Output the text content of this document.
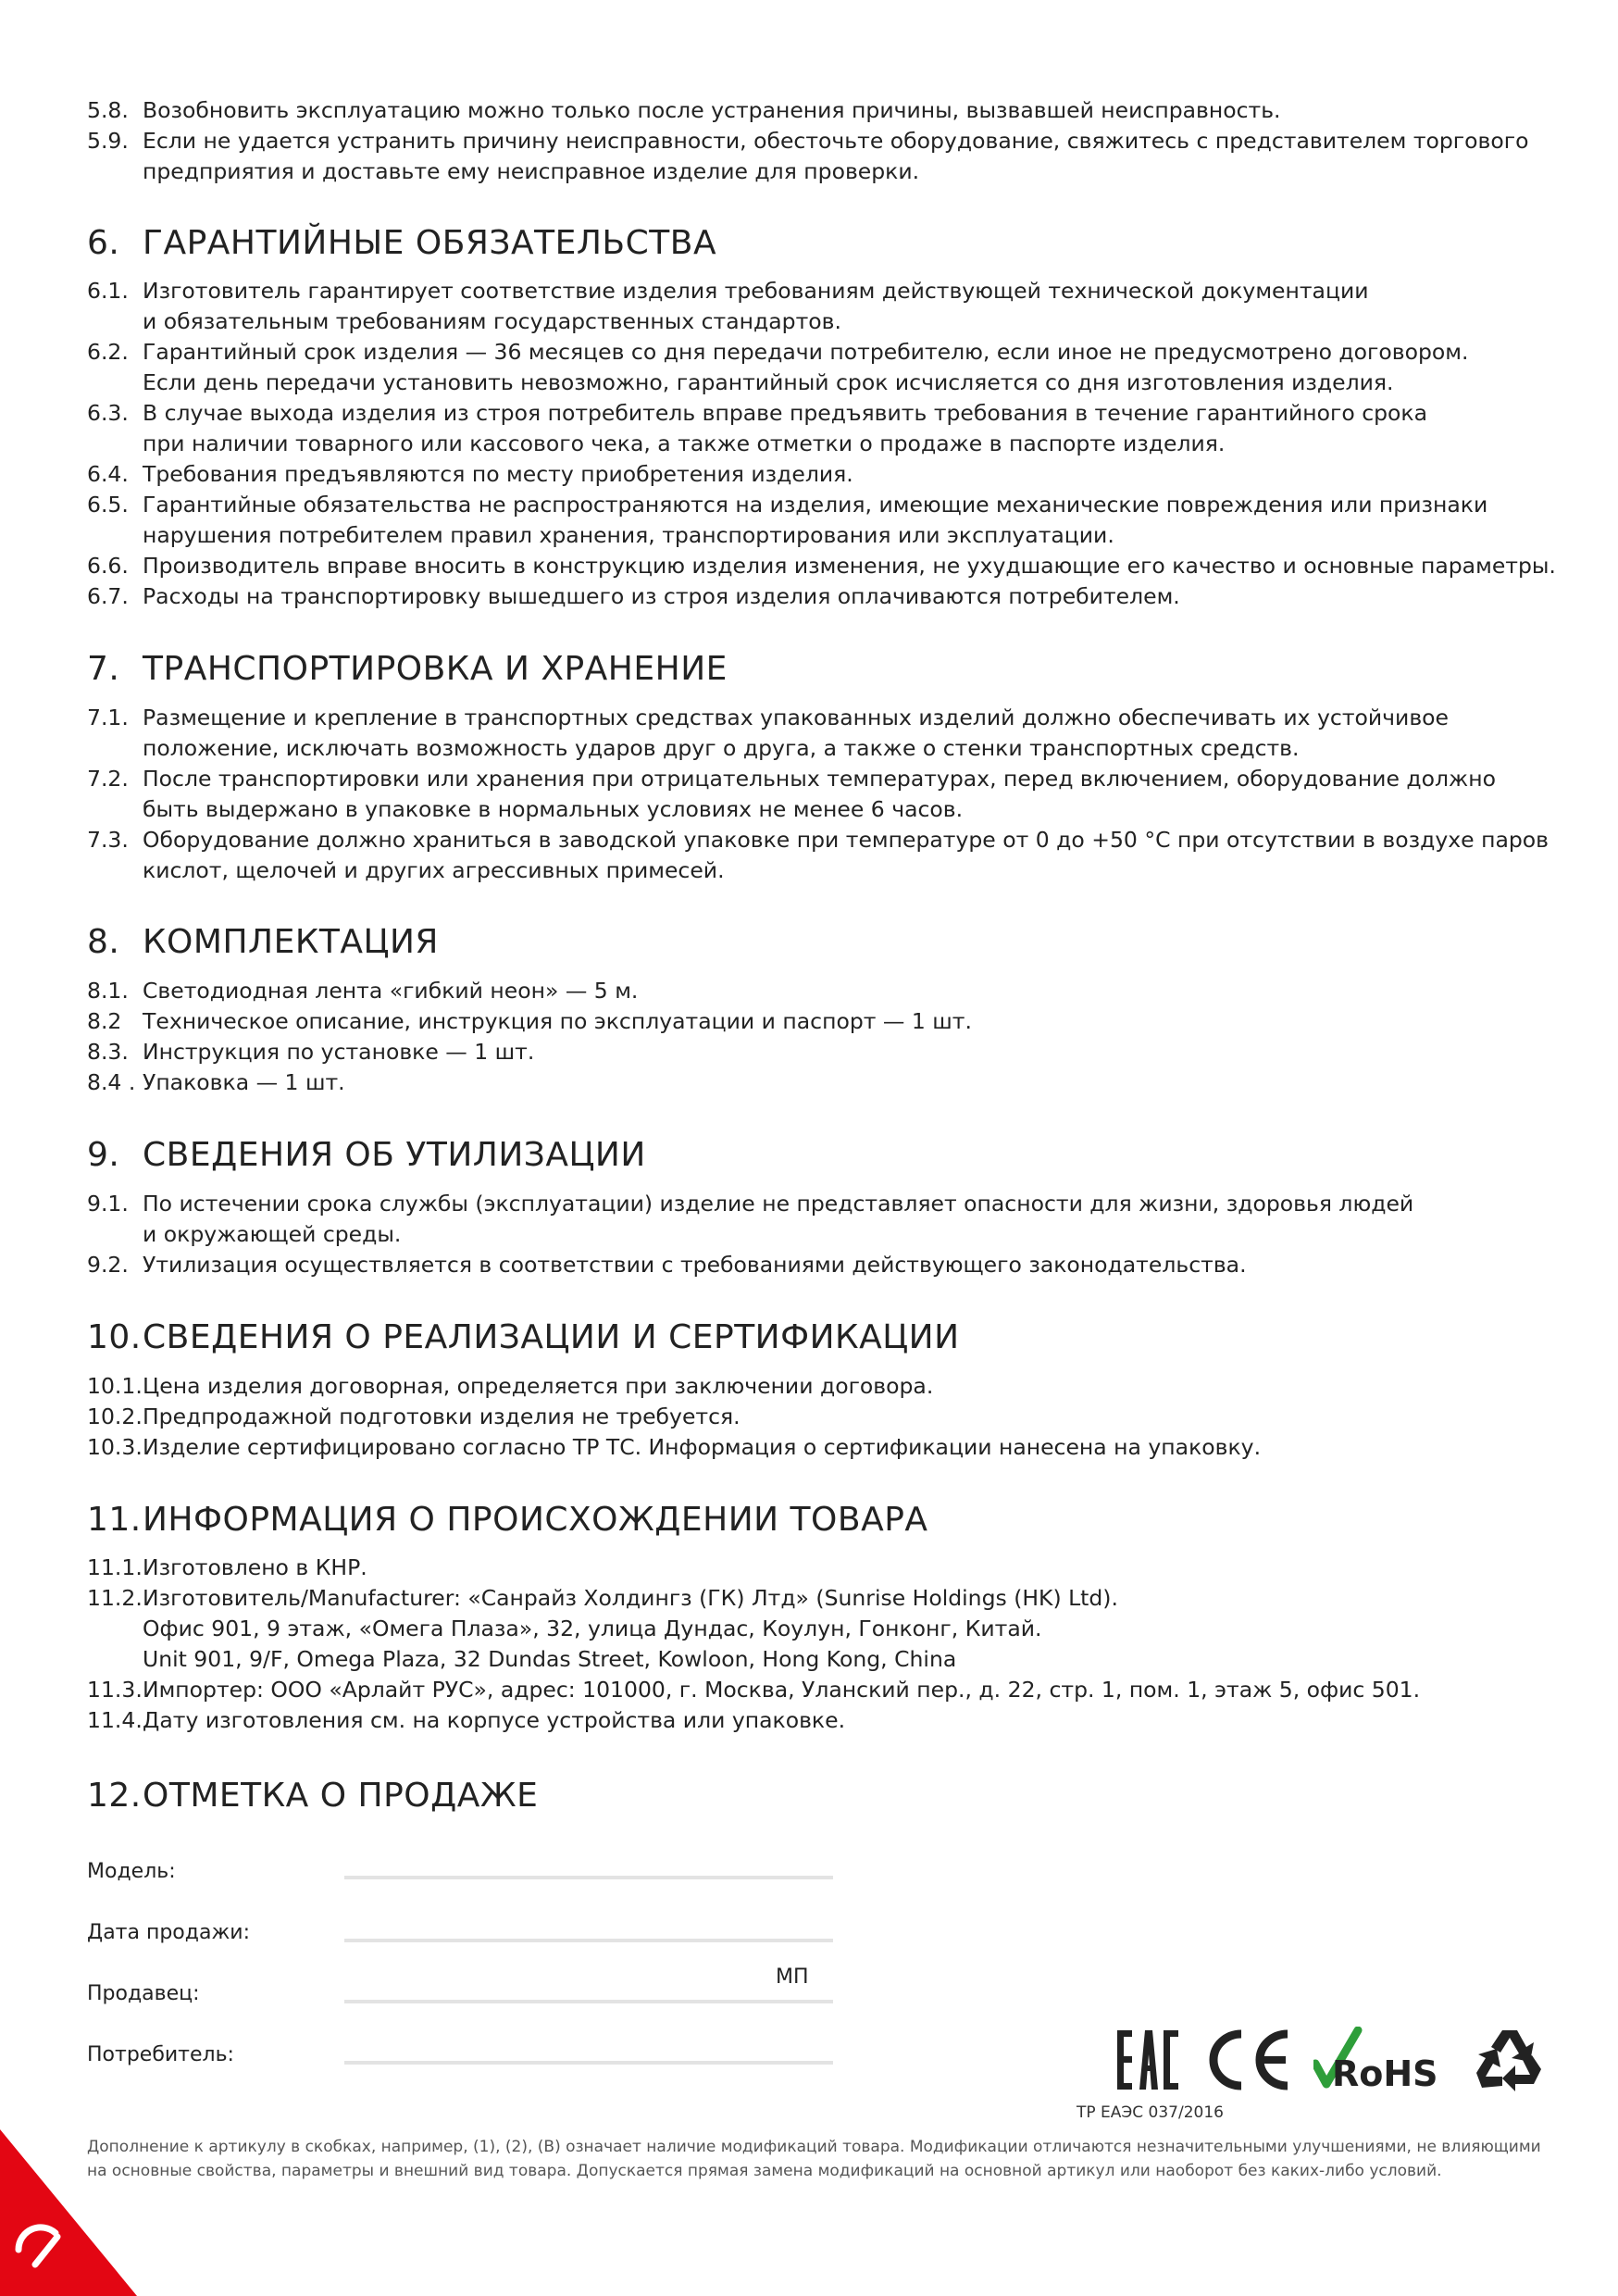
5.8. Возобновить эксплуатацию можно только после устранения причины, вызвавшей неисправность.
5.9. Если не удается устранить причину неисправности, обесточьте оборудование, свяжитесь с представителем торгового
предприятия и доставьте ему неисправное изделие для проверки.
6. ГАРАНТИЙНЫЕ ОБЯЗАТЕЛЬСТВА
6.1. Изготовитель гарантирует соответствие изделия требованиям действующей технической документации
и обязательным требованиям государственных стандартов.
6.2. Гарантийный срок изделия — 36 месяцев со дня передачи потребителю, если иное не предусмотрено договором.
Если день передачи установить невозможно, гарантийный срок исчисляется со дня изготовления изделия.
6.3. В случае выхода изделия из строя потребитель вправе предъявить требования в течение гарантийного срока
при наличии товарного или кассового чека, а также отметки о продаже в паспорте изделия.
6.4. Требования предъявляются по месту приобретения изделия.
6.5. Гарантийные обязательства не распространяются на изделия, имеющие механические повреждения или признаки
нарушения потребителем правил хранения, транспортирования или эксплуатации.
6.6. Производитель вправе вносить в конструкцию изделия изменения, не ухудшающие его качество и основные параметры.
6.7. Расходы на транспортировку вышедшего из строя изделия оплачиваются потребителем.
7. ТРАНСПОРТИРОВКА И ХРАНЕНИЕ
7.1. Размещение и крепление в транспортных средствах упакованных изделий должно обеспечивать их устойчивое
положение, исключать возможность ударов друг о друга, а также о стенки транспортных средств.
7.2. После транспортировки или хранения при отрицательных температурах, перед включением, оборудование должно
быть выдержано в упаковке в нормальных условиях не менее 6 часов.
7.3. Оборудование должно храниться в заводской упаковке при температуре от 0 до +50 °С при отсутствии в воздухе паров
кислот, щелочей и других агрессивных примесей.
8. КОМПЛЕКТАЦИЯ
8.1. Светодиодная лента «гибкий неон» — 5 м.
8.2 Техническое описание, инструкция по эксплуатации и паспорт — 1 шт.
8.3. Инструкция по установке — 1 шт.
8.4 . Упаковка — 1 шт.
9. СВЕДЕНИЯ ОБ УТИЛИЗАЦИИ
9.1. По истечении срока службы (эксплуатации) изделие не представляет опасности для жизни, здоровья людей
и окружающей среды.
9.2. Утилизация осуществляется в соответствии с требованиями действующего законодательства.
10.СВЕДЕНИЯ О РЕАЛИЗАЦИИ И СЕРТИФИКАЦИИ
10.1. Цена изделия договорная, определяется при заключении договора.
10.2. Предпродажной подготовки изделия не требуется.
10.3. Изделие сертифицировано согласно ТР ТС. Информация о сертификации нанесена на упаковку.
11.ИНФОРМАЦИЯ О ПРОИСХОЖДЕНИИ ТОВАРА
11.1. Изготовлено в КНР.
11.2. Изготовитель/Manufacturer: «Санрайз Холдингз (ГК) Лтд» (Sunrise Holdings (HK) Ltd).
Офис 901, 9 этаж, «Омега Плаза», 32, улица Дундас, Коулун, Гонконг, Китай.
Unit 901, 9/F, Omega Plaza, 32 Dundas Street, Kowloon, Hong Kong, China
11.3. Импортер: ООО «Арлайт РУС», адрес: 101000, г. Москва, Уланский пер., д. 22, стр. 1, пом. 1, этаж 5, офис 501.
11.4. Дату изготовления см. на корпусе устройства или упаковке.
12.ОТМЕТКА О ПРОДАЖЕ
Модель:
Дата продажи:
Продавец:
МП
Потребитель:	RoHS
ТР ЕАЭС 037/2016
Дополнение к артикулу в скобках, например, (1), (2), (B) означает наличие модификаций товара. Модификации отличаются незначительными улучшениями, не влияющими
на основные свойства, параметры и внешний вид товара. Допускается прямая замена модификаций на основной артикул или наоборот без каких-либо условий.
